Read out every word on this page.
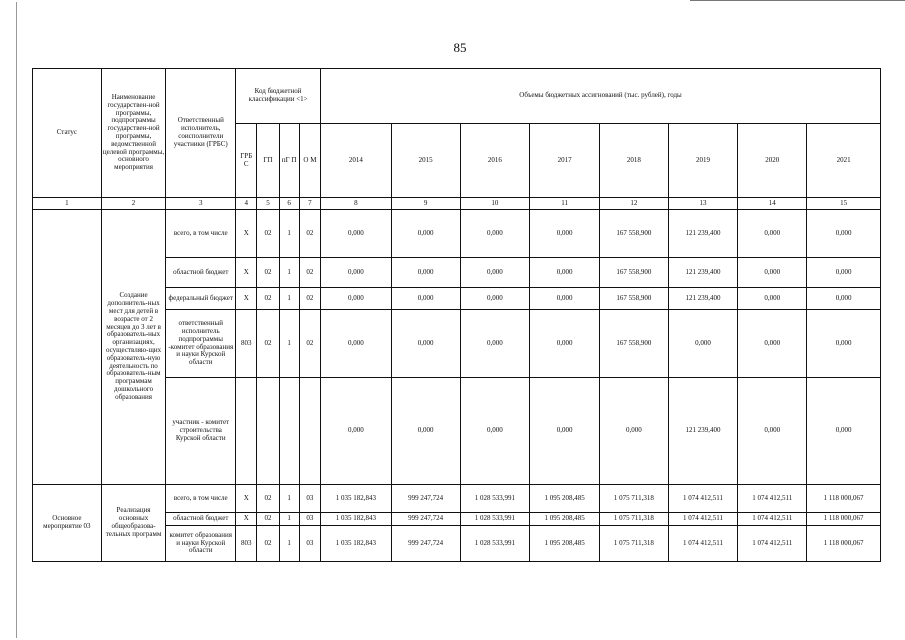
85
Статус	Наименование государствен-ной программы, подпрограммы государствен-ной программы, ведомственной целевой программы, основного мероприятия	Ответственный исполнитель, соисполнители участники (ГРБС)	Код бюджетной классификации <1>				Объемы бюджетных ассигнований (тыс. рублей), годы							
			ГРБ С	ГП	пГ П	О М	2014	2015	2016	2017	2018	2019	2020	2021
1	2	3	4	5	6	7	8	9	10	11	12	13	14	15
	Создание дополнитель-ных мест для детей в возрасте от 2 месяцев до 3 лет в образователь-ных организациях, осуществляю-щих образователь-ную деятельность по образователь-ным программам дошкольного образования	всего, в том числе	Х	02	1	02	0,000	0,000	0,000	0,000	167 558,900	121 239,400	0,000	0,000
		областной бюджет	Х	02	1	02	0,000	0,000	0,000	0,000	167 558,900	121 239,400	0,000	0,000
		федеральный бюджет	Х	02	1	02	0,000	0,000	0,000	0,000	167 558,900	121 239,400	0,000	0,000
		ответственный исполнитель подпрограммы -комитет образования и науки Курской области	803	02	1	02	0,000	0,000	0,000	0,000	167 558,900	0,000	0,000	0,000
		участник - комитет строительства Курской области					0,000	0,000	0,000	0,000	0,000	121 239,400	0,000	0,000
Основное мероприятие 03	Реализация основных общеобразова-тельных программ	всего, в том числе	Х	02	1	03	1 035 182,843	999 247,724	1 028 533,991	1 095 208,485	1 075 711,318	1 074 412,511	1 074 412,511	1 118 000,067
		областной бюджет	Х	02	1	03	1 035 182,843	999 247,724	1 028 533,991	1 095 208,485	1 075 711,318	1 074 412,511	1 074 412,511	1 118 000,067
		комитет образования и науки Курской области	803	02	1	03	1 035 182,843	999 247,724	1 028 533,991	1 095 208,485	1 075 711,318	1 074 412,511	1 074 412,511	1 118 000,067
